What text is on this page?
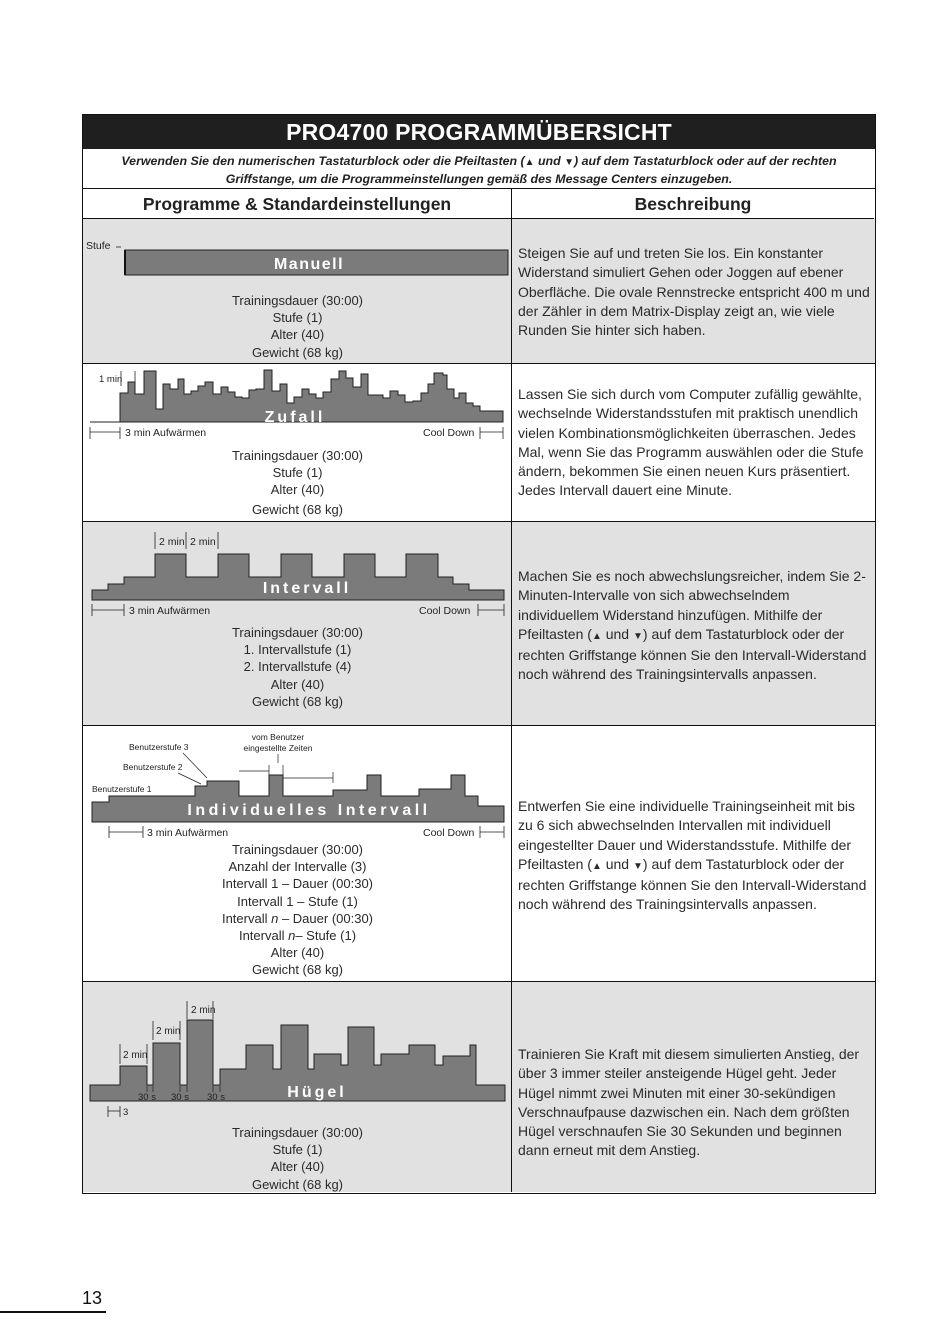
PRO4700 PROGRAMMÜBERSICHT
Verwenden Sie den numerischen Tastaturblock oder die Pfeiltasten (▲ und ▼) auf dem Tastaturblock oder auf der rechten Griffstange, um die Programmeinstellungen gemäß des Message Centers einzugeben.
Programme & Standardeinstellungen	Beschreibung
Stufe
Manuell
Trainingsdauer (30:00)
Stufe (1)
Alter (40)
Gewicht (68 kg)
Steigen Sie auf und treten Sie los. Ein konstanter Widerstand simuliert Gehen oder Joggen auf ebener Oberfläche. Die ovale Rennstrecke entspricht 400 m und der Zähler in dem Matrix-Display zeigt an, wie viele Runden Sie hinter sich haben.
1 min
Zufall
3 min Aufwärmen	Cool Down
Trainingsdauer (30:00)
Stufe (1)
Alter (40)
Gewicht (68 kg)
Lassen Sie sich durch vom Computer zufällig gewählte, wechselnde Widerstandsstufen mit praktisch unendlich vielen Kombinationsmöglichkeiten überraschen. Jedes Mal, wenn Sie das Programm auswählen oder die Stufe ändern, bekommen Sie einen neuen Kurs präsentiert. Jedes Intervall dauert eine Minute.
2 min 2 min
Intervall
3 min Aufwärmen	Cool Down
Trainingsdauer (30:00)
1. Intervallstufe (1)
2. Intervallstufe (4)
Alter (40)
Gewicht (68 kg)
Machen Sie es noch abwechslungsreicher, indem Sie 2-Minuten-Intervalle von sich abwechselndem individuellem Widerstand hinzufügen. Mithilfe der Pfeiltasten (▲ und ▼) auf dem Tastaturblock oder der rechten Griffstange können Sie den Intervall-Widerstand noch während des Trainingsintervalls anpassen.
Benutzerstufe 3
Benutzerstufe 2
Benutzerstufe 1
vom Benutzer
eingestellte Zeiten
Individuelles Intervall
3 min Aufwärmen	Cool Down
Trainingsdauer (30:00)
Anzahl der Intervalle (3)
Intervall 1 – Dauer (00:30)
Intervall 1 – Stufe (1)
Intervall n – Dauer (00:30)
Intervall n– Stufe (1)
Alter (40)
Gewicht (68 kg)
Entwerfen Sie eine individuelle Trainingseinheit mit bis zu 6 sich abwechselnden Intervallen mit individuell eingestellter Dauer und Widerstandsstufe. Mithilfe der Pfeiltasten (▲ und ▼) auf dem Tastaturblock oder der rechten Griffstange können Sie den Intervall-Widerstand noch während des Trainingsintervalls anpassen.
2 min
2 min
2 min
Hügel
30 s 30 s 30 s
3
Trainingsdauer (30:00)
Stufe (1)
Alter (40)
Gewicht (68 kg)
Trainieren Sie Kraft mit diesem simulierten Anstieg, der über 3 immer steiler ansteigende Hügel geht. Jeder Hügel nimmt zwei Minuten mit einer 30-sekündigen Verschnaufpause dazwischen ein. Nach dem größten Hügel verschnaufen Sie 30 Sekunden und beginnen dann erneut mit dem Anstieg.
13
